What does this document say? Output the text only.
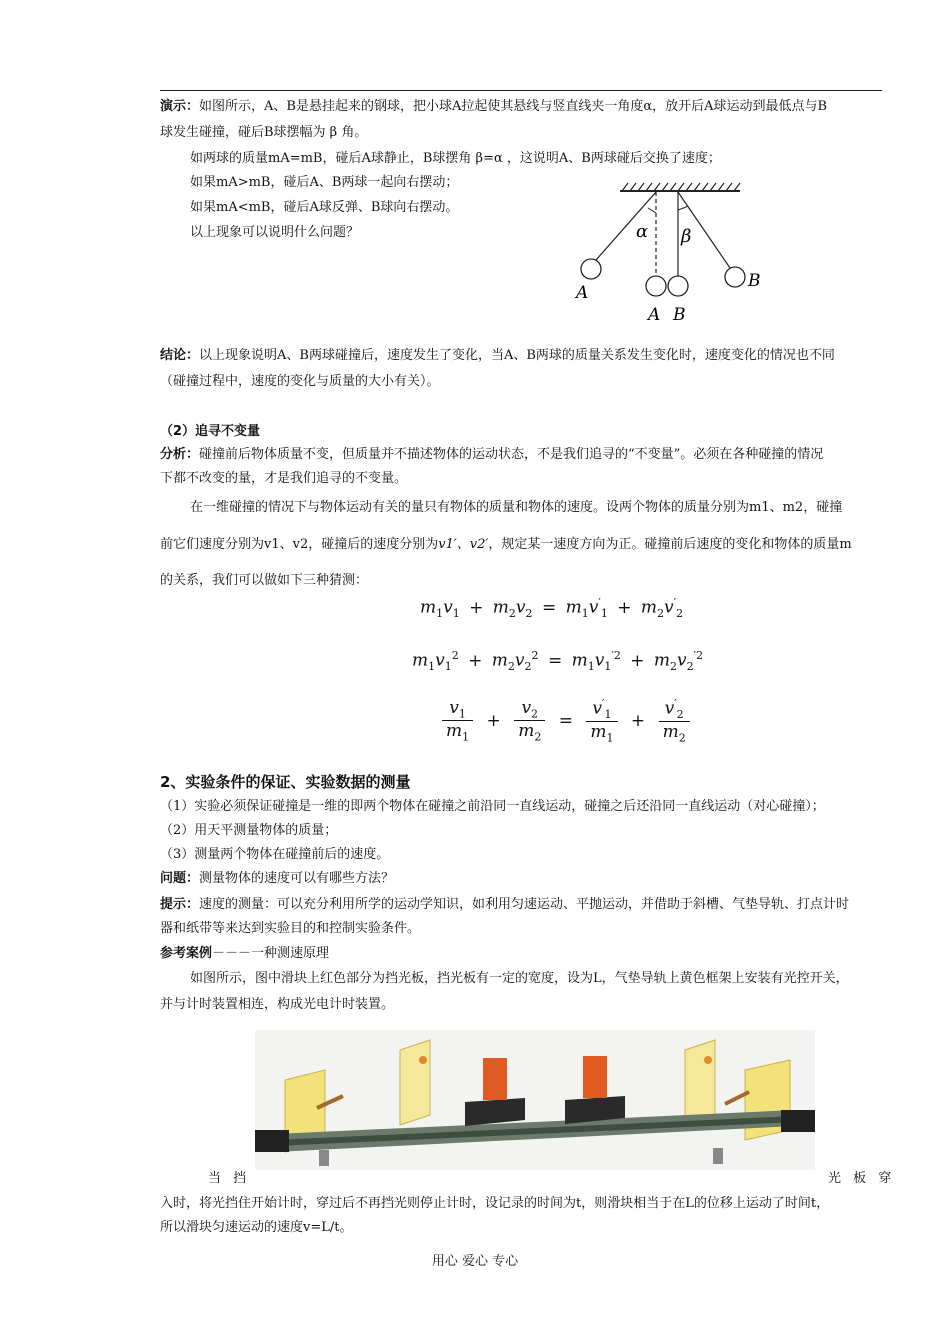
演示：如图所示，A、B是悬挂起来的钢球，把小球A拉起使其悬线与竖直线夹一角度α，放开后A球运动到最低点与B
球发生碰撞，碰后B球摆幅为 β 角。
如两球的质量mA=mB，碰后A球静止，B球摆角 β=α ，这说明A、B两球碰后交换了速度；
如果mA>mB，碰后A、B两球一起向右摆动；
如果mA<mB，碰后A球反弹、B球向右摆动。
以上现象可以说明什么问题？	α β
A
A B
B
结论：以上现象说明A、B两球碰撞后，速度发生了变化，当A、B两球的质量关系发生变化时，速度变化的情况也不同
（碰撞过程中，速度的变化与质量的大小有关）。
（2）追寻不变量
分析：碰撞前后物体质量不变，但质量并不描述物体的运动状态，不是我们追寻的“不变量”。必须在各种碰撞的情况
下都不改变的量，才是我们追寻的不变量。
在一维碰撞的情况下与物体运动有关的量只有物体的质量和物体的速度。设两个物体的质量分别为m1、m2，碰撞
前它们速度分别为v1、v2，碰撞后的速度分别为v1′、v2′，规定某一速度方向为正。碰撞前后速度的变化和物体的质量m
的关系，我们可以做如下三种猜测：
$m_1v_1 + m_2v_2 = m_1v'_1 + m_2v'_2$
$m_1v_1^2 + m_2v_2^2 = m_1v_1^{'2} + m_2v_2^{'2}$
$\frac{v_1}{m_1} + \frac{v_2}{m_2} = \frac{v'_1}{m_1} + \frac{v'_2}{m_2}$
2、实验条件的保证、实验数据的测量
（1）实验必须保证碰撞是一维的即两个物体在碰撞之前沿同一直线运动，碰撞之后还沿同一直线运动（对心碰撞）；
（2）用天平测量物体的质量；
（3）测量两个物体在碰撞前后的速度。
问题：测量物体的速度可以有哪些方法？
提示：速度的测量：可以充分利用所学的运动学知识，如利用匀速运动、平抛运动，并借助于斜槽、气垫导轨、打点计时
器和纸带等来达到实验目的和控制实验条件。
参考案例－－－一种测速原理
如图所示，图中滑块上红色部分为挡光板，挡光板有一定的宽度，设为L，气垫导轨上黄色框架上安装有光控开关，
并与计时装置相连，构成光电计时装置。
当 挡	光 板 穿
入时，将光挡住开始计时，穿过后不再挡光则停止计时，设记录的时间为t，则滑块相当于在L的位移上运动了时间t，
所以滑块匀速运动的速度v=L/t。
用心 爱心 专心
